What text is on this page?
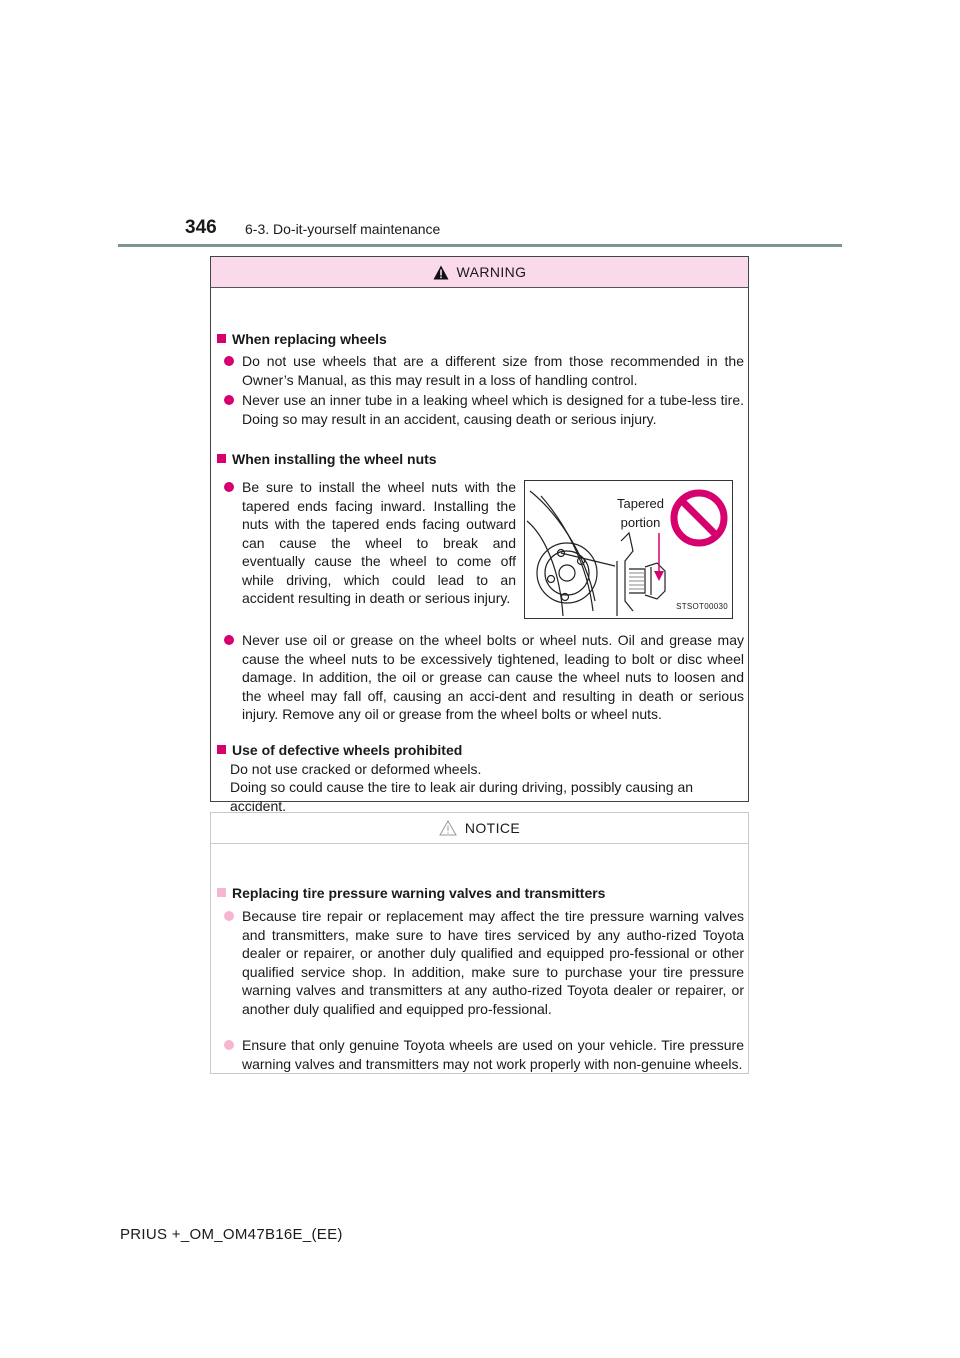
346 6-3. Do-it-yourself maintenance
WARNING
When replacing wheels
Do not use wheels that are a different size from those recommended in the Owner’s Manual, as this may result in a loss of handling control.
Never use an inner tube in a leaking wheel which is designed for a tube-less tire. Doing so may result in an accident, causing death or serious injury.
When installing the wheel nuts
Be sure to install the wheel nuts with the tapered ends facing inward. Installing the nuts with the tapered ends facing outward can cause the wheel to break and eventually cause the wheel to come off while driving, which could lead to an accident resulting in death or serious injury.
Tapered
portion
STSOT00030
Never use oil or grease on the wheel bolts or wheel nuts. Oil and grease may cause the wheel nuts to be excessively tightened, leading to bolt or disc wheel damage. In addition, the oil or grease can cause the wheel nuts to loosen and the wheel may fall off, causing an acci-dent and resulting in death or serious injury. Remove any oil or grease from the wheel bolts or wheel nuts.
Use of defective wheels prohibited
Do not use cracked or deformed wheels.
Doing so could cause the tire to leak air during driving, possibly causing an accident.
NOTICE
Replacing tire pressure warning valves and transmitters
Because tire repair or replacement may affect the tire pressure warning valves and transmitters, make sure to have tires serviced by any autho-rized Toyota dealer or repairer, or another duly qualified and equipped pro-fessional or other qualified service shop. In addition, make sure to purchase your tire pressure warning valves and transmitters at any autho-rized Toyota dealer or repairer, or another duly qualified and equipped pro-fessional.
Ensure that only genuine Toyota wheels are used on your vehicle. Tire pressure warning valves and transmitters may not work properly with non-genuine wheels.
PRIUS +_OM_OM47B16E_(EE)
